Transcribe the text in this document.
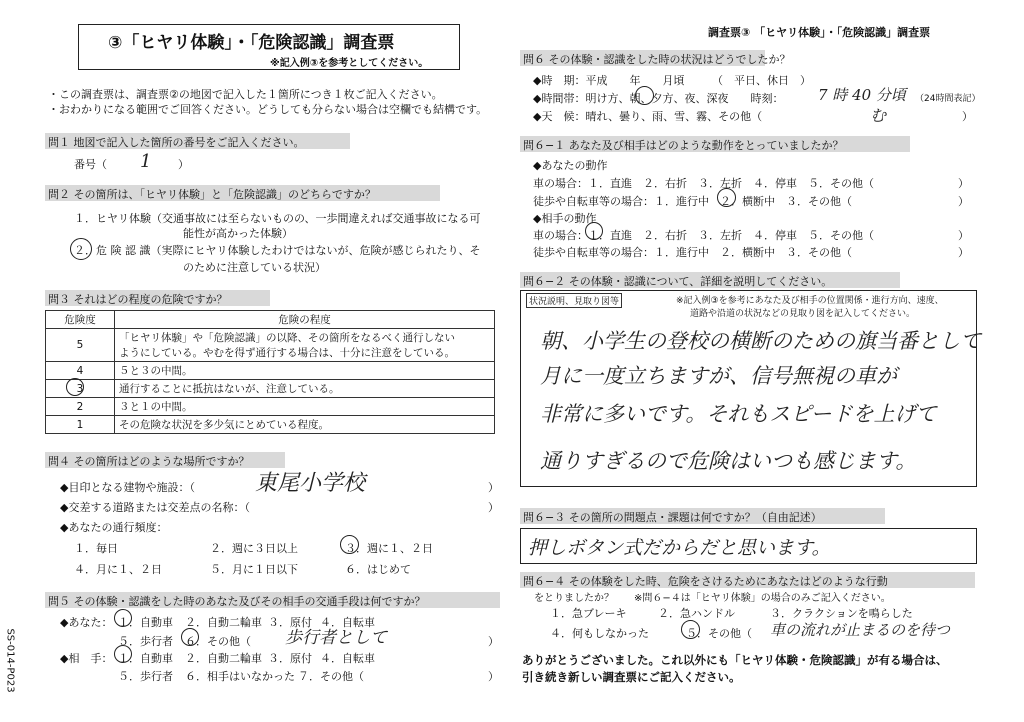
③「ヒヤリ体験」・「危険認識」調査票
※記入例③を参考としてください。
調査票③ 「ヒヤリ体験」・「危険認識」調査票
SS-014-P023
・この調査票は、調査票②の地図で記入した１箇所につき１枚ご記入ください。
・おわかりになる範囲でご回答ください。どうしても分らない場合は空欄でも結構です。
問１ 地図で記入した箇所の番号をご記入ください。
番号（ 1 ）
問２ その箇所は、「ヒヤリ体験」と「危険認識」のどちらですか？
１．ヒヤリ体験（交通事故には至らないものの、一歩間違えれば交通事故になる可
能性が高かった体験）
２．危 険 認 識（実際にヒヤリ体験したわけではないが、危険が感じられたり、そ
のために注意している状況）
問３ それはどの程度の危険ですか？
危険度	危険の程度
5	「ヒヤリ体験」や「危険認識」の以降、その箇所をなるべく通行しない
ようにしている。やむを得ず通行する場合は、十分に注意をしている。

4	５と３の中間。
3	通行することに抵抗はないが、注意している。
2	３と１の中間。
1	その危険な状況を多少気にとめている程度。
問４ その箇所はどのような場所ですか？
◆目印となる建物や施設：（	東尾小学校	）
◆交差する道路または交差点の名称：（	）
◆あなたの通行頻度：
１．毎日	２．週に３日以上	３．週に１、２日
４．月に１、２日	５．月に１日以下	６．はじめて
問５ その体験・認識をした時のあなた及びその相手の交通手段は何ですか？
◆あなた： １．自動車 ２．自動二輪車 ３．原付 ４．自転車
５．歩行者 ６．その他（ 歩行者として	）
◆相　手： １．自動車 ２．自動二輪車 ３．原付 ４．自転車
５．歩行者 ６．相手はいなかった ７．その他（	）
問６ その体験・認識をした時の状況はどうでしたか？
◆時　期：平成　　年　　月頃　　　（　平日、休日　）
◆時間帯：明け方、朝、夕方、夜、深夜　　時刻： 7 時 40 分頃 （24時間表記）
◆天　候：晴れ、曇り、雨、雪、霧、その他（	む	）
問６−１ あなた及び相手はどのような動作をとっていましたか？
◆あなたの動作
車の場合：１．直進　２．右折　３．左折　４．停車　５．その他（	）
徒歩や自転車等の場合：１．進行中　２．横断中　３．その他（	）
◆相手の動作
車の場合：１．直進　２．右折　３．左折　４．停車　５．その他（	）
徒歩や自転車等の場合：１．進行中　２．横断中　３．その他（	）
問６−２ その体験・認識について、詳細を説明してください。
状況説明、見取り図等	※記入例③を参考にあなた及び相手の位置関係・進行方向、速度、
道路や沿道の状況などの見取り図を記入してください。
朝、小学生の登校の横断のための旗当番として
月に一度立ちますが、信号無視の車が
非常に多いです。それもスピードを上げて
通りすぎるので危険はいつも感じます。
問６−３ その箇所の問題点・課題は何ですか？（自由記述）
押しボタン式だからだと思います。
問６−４ その体験をした時、危険をさけるためにあなたはどのような行動
をとりましたか？　　※問６−４は「ヒヤリ体験」の場合のみご記入ください。
１．急ブレーキ	２．急ハンドル	３．クラクションを鳴らした
４．何もしなかった	５．その他（ 車の流れが止まるのを待つ
ありがとうございました。これ以外にも「ヒヤリ体験・危険認識」が有る場合は、
引き続き新しい調査票にご記入ください。
